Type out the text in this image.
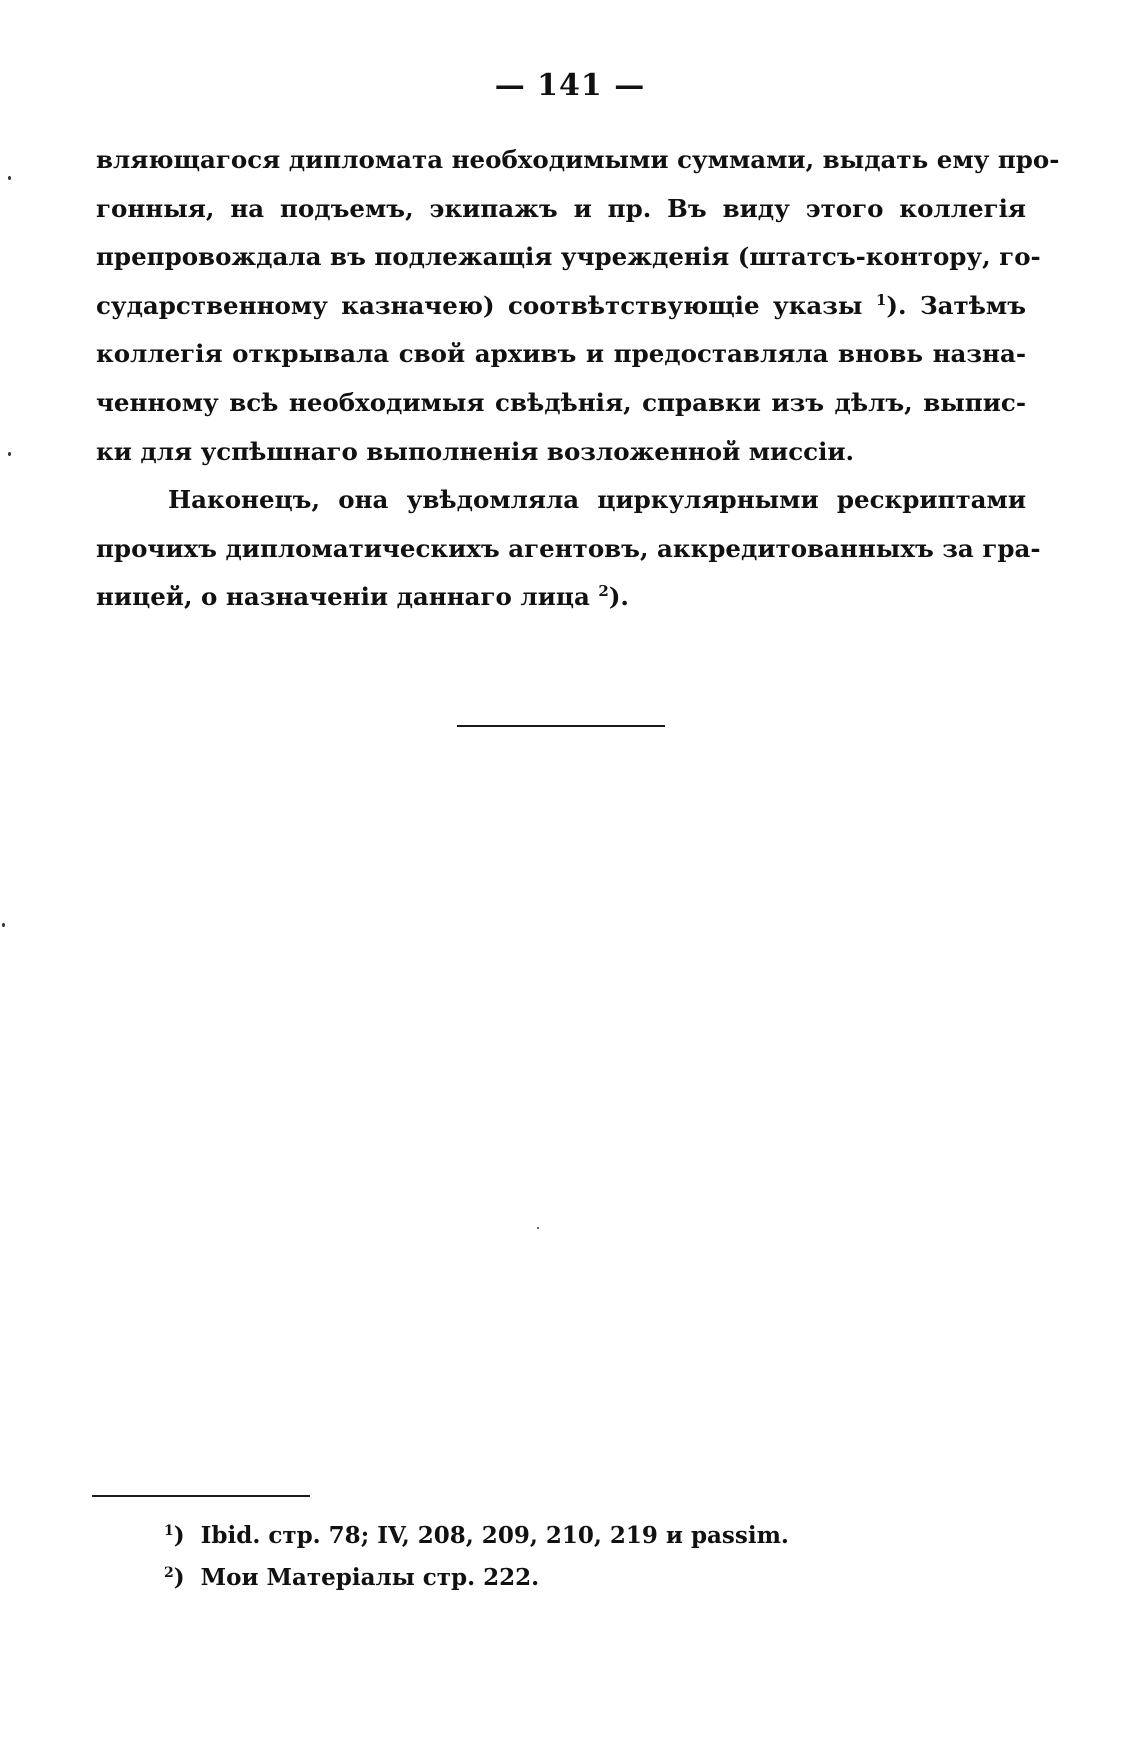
— 141 —
вляющагося дипломата необходимыми суммами, выдать ему про-
гонныя, на подъемъ, экипажъ и пр. Въ виду этого коллегія
препровождала въ подлежащія учрежденія (штатсъ-контору, го-
сударственному казначею) соотвѣтствующіе указы $^1$). Затѣмъ
коллегія открывала свой архивъ и предоставляла вновь назна-
ченному всѣ необходимыя свѣдѣнія, справки изъ дѣлъ, выпис-
ки для успѣшнаго выполненія возложенной миссіи.
Наконецъ, она увѣдомляла циркулярными рескриптами
прочихъ дипломатическихъ агентовъ, аккредитованныхъ за гра-
ницей, о назначеніи даннаго лица $^2$).
$^1$) Ibid. стр. 78; IV, 208, 209, 210, 219 и passim.
$^2$) Мои Матеріалы стр. 222.
